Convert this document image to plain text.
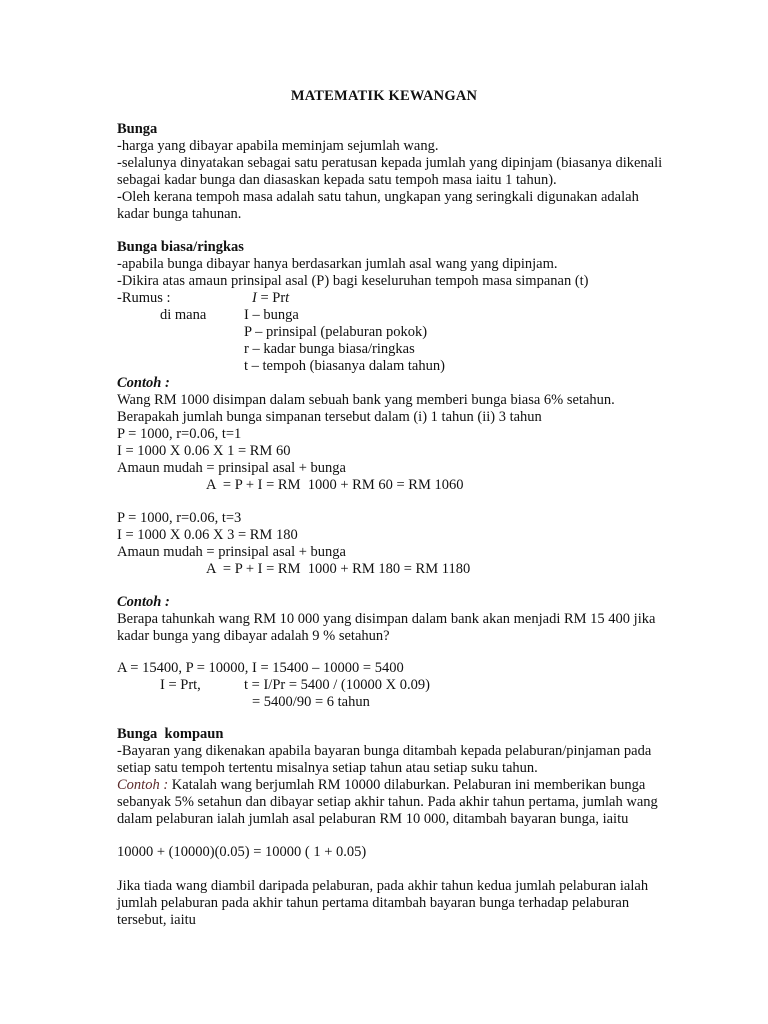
MATEMATIK KEWANGAN
Bunga
-harga yang dibayar apabila meminjam sejumlah wang.
-selalunya dinyatakan sebagai satu peratusan kepada jumlah yang dipinjam (biasanya dikenali
sebagai kadar bunga dan diasaskan kepada satu tempoh masa iaitu 1 tahun).
-Oleh kerana tempoh masa adalah satu tahun, ungkapan yang seringkali digunakan adalah
kadar bunga tahunan.
Bunga biasa/ringkas
-apabila bunga dibayar hanya berdasarkan jumlah asal wang yang dipinjam.
-Dikira atas amaun prinsipal asal (P) bagi keseluruhan tempoh masa simpanan (t)
-Rumus :	I = Prt
di mana	I – bunga
P – prinsipal (pelaburan pokok)
r – kadar bunga biasa/ringkas
t – tempoh (biasanya dalam tahun)
Contoh :
Wang RM 1000 disimpan dalam sebuah bank yang memberi bunga biasa 6% setahun.
Berapakah jumlah bunga simpanan tersebut dalam (i) 1 tahun (ii) 3 tahun
P = 1000, r=0.06, t=1
I = 1000 X 0.06 X 1 = RM 60
Amaun mudah = prinsipal asal + bunga
A  = P + I = RM  1000 + RM 60 = RM 1060
P = 1000, r=0.06, t=3
I = 1000 X 0.06 X 3 = RM 180
Amaun mudah = prinsipal asal + bunga
A  = P + I = RM  1000 + RM 180 = RM 1180
Contoh :
Berapa tahunkah wang RM 10 000 yang disimpan dalam bank akan menjadi RM 15 400 jika
kadar bunga yang dibayar adalah 9 % setahun?
A = 15400, P = 10000, I = 15400 – 10000 = 5400
I = Prt,	t = I/Pr = 5400 / (10000 X 0.09)
= 5400/90 = 6 tahun
Bunga  kompaun
-Bayaran yang dikenakan apabila bayaran bunga ditambah kepada pelaburan/pinjaman pada
setiap satu tempoh tertentu misalnya setiap tahun atau setiap suku tahun.
Contoh : Katalah wang berjumlah RM 10000 dilaburkan. Pelaburan ini memberikan bunga
sebanyak 5% setahun dan dibayar setiap akhir tahun. Pada akhir tahun pertama, jumlah wang
dalam pelaburan ialah jumlah asal pelaburan RM 10 000, ditambah bayaran bunga, iaitu
10000 + (10000)(0.05) = 10000 ( 1 + 0.05)
Jika tiada wang diambil daripada pelaburan, pada akhir tahun kedua jumlah pelaburan ialah
jumlah pelaburan pada akhir tahun pertama ditambah bayaran bunga terhadap pelaburan
tersebut, iaitu
